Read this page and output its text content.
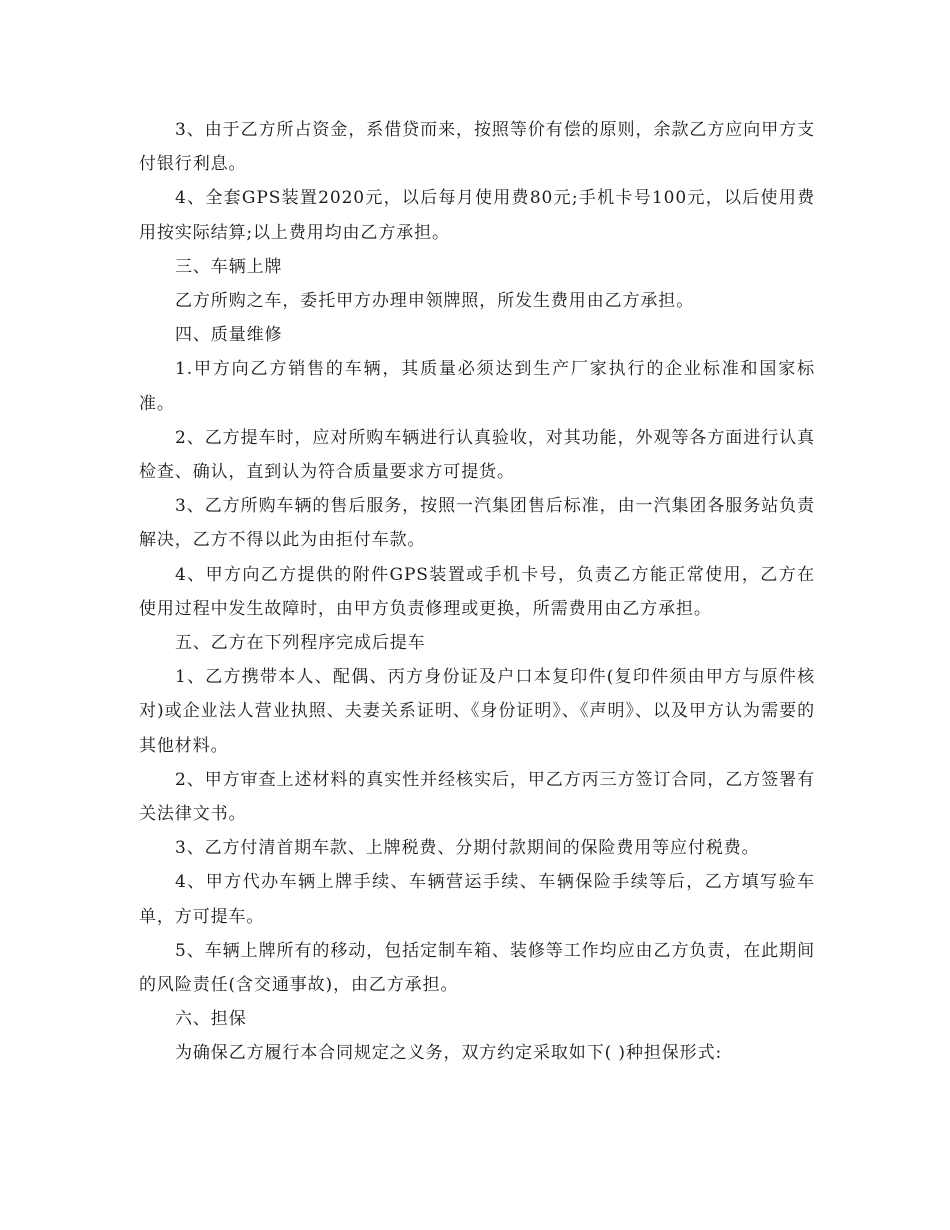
3、由于乙方所占资金，系借贷而来，按照等价有偿的原则，余款乙方应向甲方支付银行利息。

4、全套GPS装置2020元，以后每月使用费80元;手机卡号100元，以后使用费用按实际结算;以上费用均由乙方承担。

三、车辆上牌

乙方所购之车，委托甲方办理申领牌照，所发生费用由乙方承担。

四、质量维修

1.甲方向乙方销售的车辆，其质量必须达到生产厂家执行的企业标准和国家标准。

2、乙方提车时，应对所购车辆进行认真验收，对其功能，外观等各方面进行认真检查、确认，直到认为符合质量要求方可提货。

3、乙方所购车辆的售后服务，按照一汽集团售后标准，由一汽集团各服务站负责解决，乙方不得以此为由拒付车款。

4、甲方向乙方提供的附件GPS装置或手机卡号，负责乙方能正常使用，乙方在使用过程中发生故障时，由甲方负责修理或更换，所需费用由乙方承担。

五、乙方在下列程序完成后提车

1、乙方携带本人、配偶、丙方身份证及户口本复印件(复印件须由甲方与原件核对)或企业法人营业执照、夫妻关系证明、《身份证明》、《声明》、以及甲方认为需要的其他材料。

2、甲方审查上述材料的真实性并经核实后，甲乙方丙三方签订合同，乙方签署有关法律文书。

3、乙方付清首期车款、上牌税费、分期付款期间的保险费用等应付税费。

4、甲方代办车辆上牌手续、车辆营运手续、车辆保险手续等后，乙方填写验车单，方可提车。

5、车辆上牌所有的移动，包括定制车箱、装修等工作均应由乙方负责，在此期间的风险责任(含交通事故)，由乙方承担。

六、担保

为确保乙方履行本合同规定之义务，双方约定采取如下( )种担保形式:
